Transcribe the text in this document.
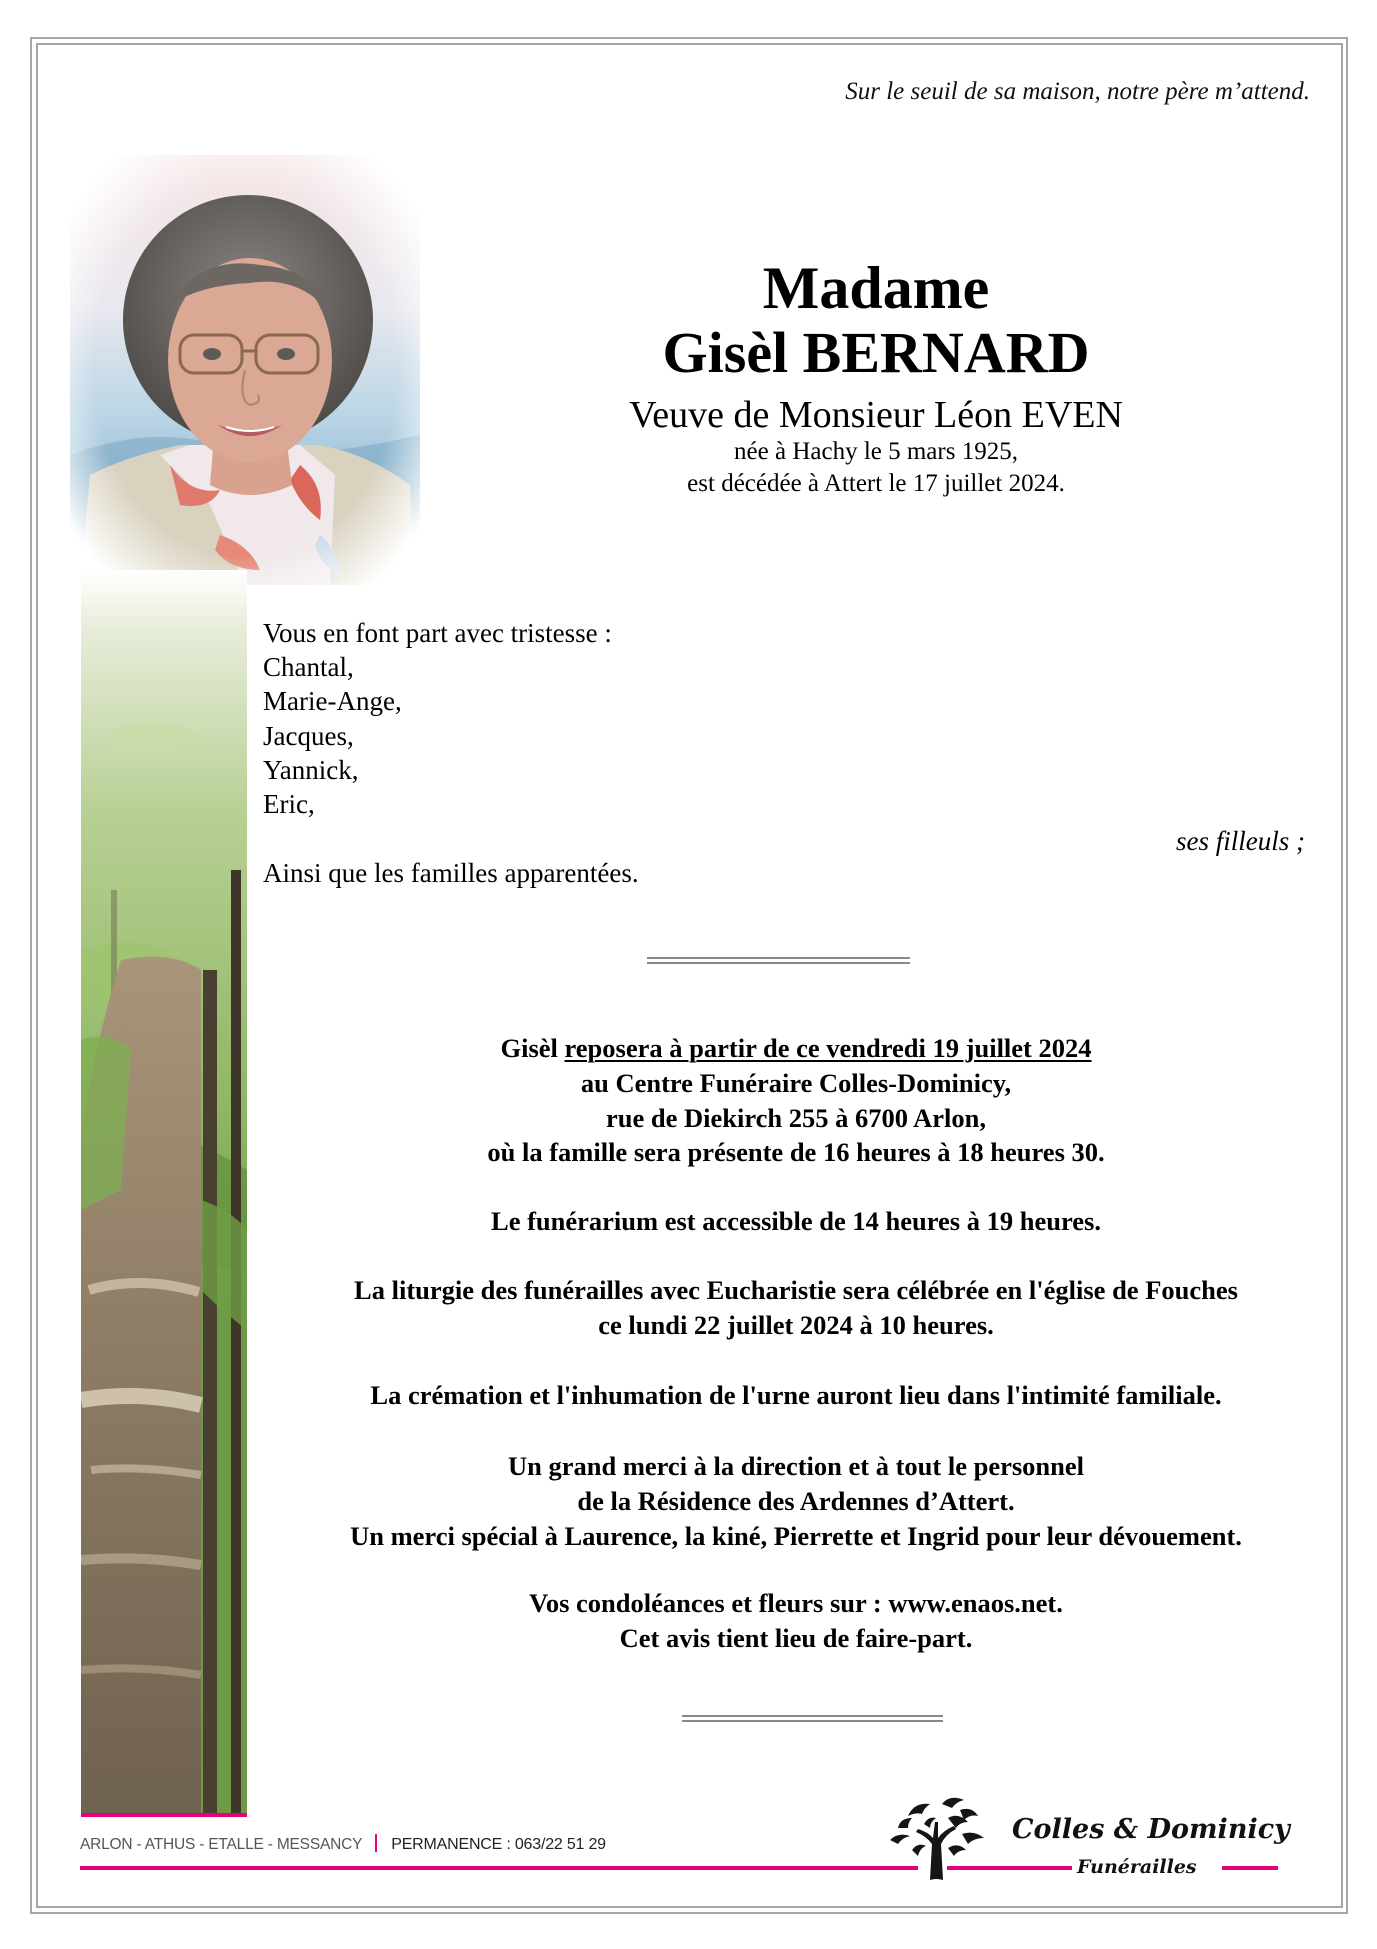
Sur le seuil de sa maison, notre père m’attend.
Madame
Gisèl BERNARD
Veuve de Monsieur Léon EVEN
née à Hachy le 5 mars 1925,
est décédée à Attert le 17 juillet 2024.
Vous en font part avec tristesse :
Chantal,
Marie-Ange,
Jacques,
Yannick,
Eric,
ses filleuls ;
Ainsi que les familles apparentées.
Gisèl reposera à partir de ce vendredi 19 juillet 2024
au Centre Funéraire Colles-Dominicy,
rue de Diekirch 255 à 6700 Arlon,
où la famille sera présente de 16 heures à 18 heures 30.
Le funérarium est accessible de 14 heures à 19 heures.
La liturgie des funérailles avec Eucharistie sera célébrée en l'église de Fouches
ce lundi 22 juillet 2024 à 10 heures.
La crémation et l'inhumation de l'urne auront lieu dans l'intimité familiale.
Un grand merci à la direction et à tout le personnel
de la Résidence des Ardennes d’Attert.
Un merci spécial à Laurence, la kiné, Pierrette et Ingrid pour leur dévouement.
Vos condoléances et fleurs sur : www.enaos.net.
Cet avis tient lieu de faire-part.
ARLON - ATHUS - ETALLE - MESSANCY PERMANENCE : 063/22 51 29	Colles & Dominicy
Funérailles
